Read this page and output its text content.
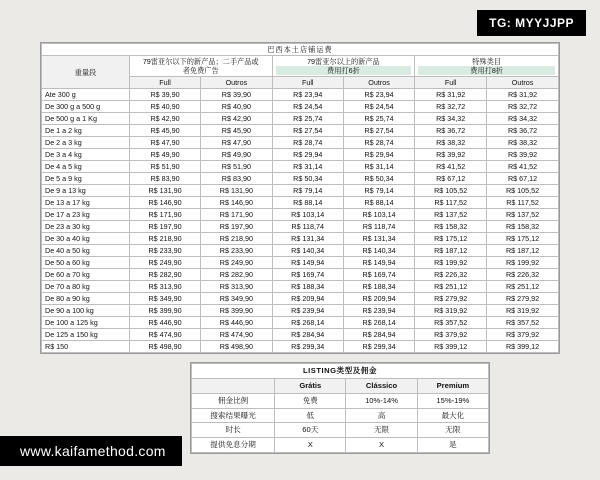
TG: MYYJJPP
巴西本土店铺运费						
重量段	
79雷亚尔以下的新产品；二手产品或
者免费广告

79雷亚尔以上的新产品
费用打6折

特殊类目
费用打8折

	Full	Outros	Full	Outros	Full	Outros
Ate 300 g	R$ 39,90	R$ 39,90	R$ 23,94	R$ 23,94	R$ 31,92	R$ 31,92
De 300 g a 500 g	R$ 40,90	R$ 40,90	R$ 24,54	R$ 24,54	R$ 32,72	R$ 32,72
De 500 g a 1 Kg	R$ 42,90	R$ 42,90	R$ 25,74	R$ 25,74	R$ 34,32	R$ 34,32
De 1 a 2 kg	R$ 45,90	R$ 45,90	R$ 27,54	R$ 27,54	R$ 36,72	R$ 36,72
De 2 a 3 kg	R$ 47,90	R$ 47,90	R$ 28,74	R$ 28,74	R$ 38,32	R$ 38,32
De 3 a 4 kg	R$ 49,90	R$ 49,90	R$ 29,94	R$ 29,94	R$ 39,92	R$ 39,92
De 4 a 5 kg	R$ 51,90	R$ 51,90	R$ 31,14	R$ 31,14	R$ 41,52	R$ 41,52
De 5 a 9 kg	R$ 83,90	R$ 83,90	R$ 50,34	R$ 50,34	R$ 67,12	R$ 67,12
De 9 a 13 kg	R$ 131,90	R$ 131,90	R$ 79,14	R$ 79,14	R$ 105,52	R$ 105,52
De 13 a 17 kg	R$ 146,90	R$ 146,90	R$ 88,14	R$ 88,14	R$ 117,52	R$ 117,52
De 17 a 23 kg	R$ 171,90	R$ 171,90	R$ 103,14	R$ 103,14	R$ 137,52	R$ 137,52
De 23 a 30 kg	R$ 197,90	R$ 197,90	R$ 118,74	R$ 118,74	R$ 158,32	R$ 158,32
De 30 a 40 kg	R$ 218,90	R$ 218,90	R$ 131,34	R$ 131,34	R$ 175,12	R$ 175,12
De 40 a 50 kg	R$ 233,90	R$ 233,90	R$ 140,34	R$ 140,34	R$ 187,12	R$ 187,12
De 50 a 60 kg	R$ 249,90	R$ 249,90	R$ 149,94	R$ 149,94	R$ 199,92	R$ 199,92
De 60 a 70 kg	R$ 282,90	R$ 282,90	R$ 169,74	R$ 169,74	R$ 226,32	R$ 226,32
De 70 a 80 kg	R$ 313,90	R$ 313,90	R$ 188,34	R$ 188,34	R$ 251,12	R$ 251,12
De 80 a 90 kg	R$ 349,90	R$ 349,90	R$ 209,94	R$ 209,94	R$ 279,92	R$ 279,92
De 90 a 100 kg	R$ 399,90	R$ 399,90	R$ 239,94	R$ 239,94	R$ 319,92	R$ 319,92
De 100 a 125 kg	R$ 446,90	R$ 446,90	R$ 268,14	R$ 268,14	R$ 357,52	R$ 357,52
De 125 a 150 kg	R$ 474,90	R$ 474,90	R$ 284,94	R$ 284,94	R$ 379,92	R$ 379,92
R$ 150	R$ 498,90	R$ 498,90	R$ 299,34	R$ 299,34	R$ 399,12	R$ 399,12
LISTING类型及佣金			
	Grátis	Clássico	Premium
佣金比例	免费	10%-14%	15%-19%
搜索结果曝光	低	高	最大化
时长	60天	无限	无限
提供免息分期	X	X	是
www.kaifamethod.com
